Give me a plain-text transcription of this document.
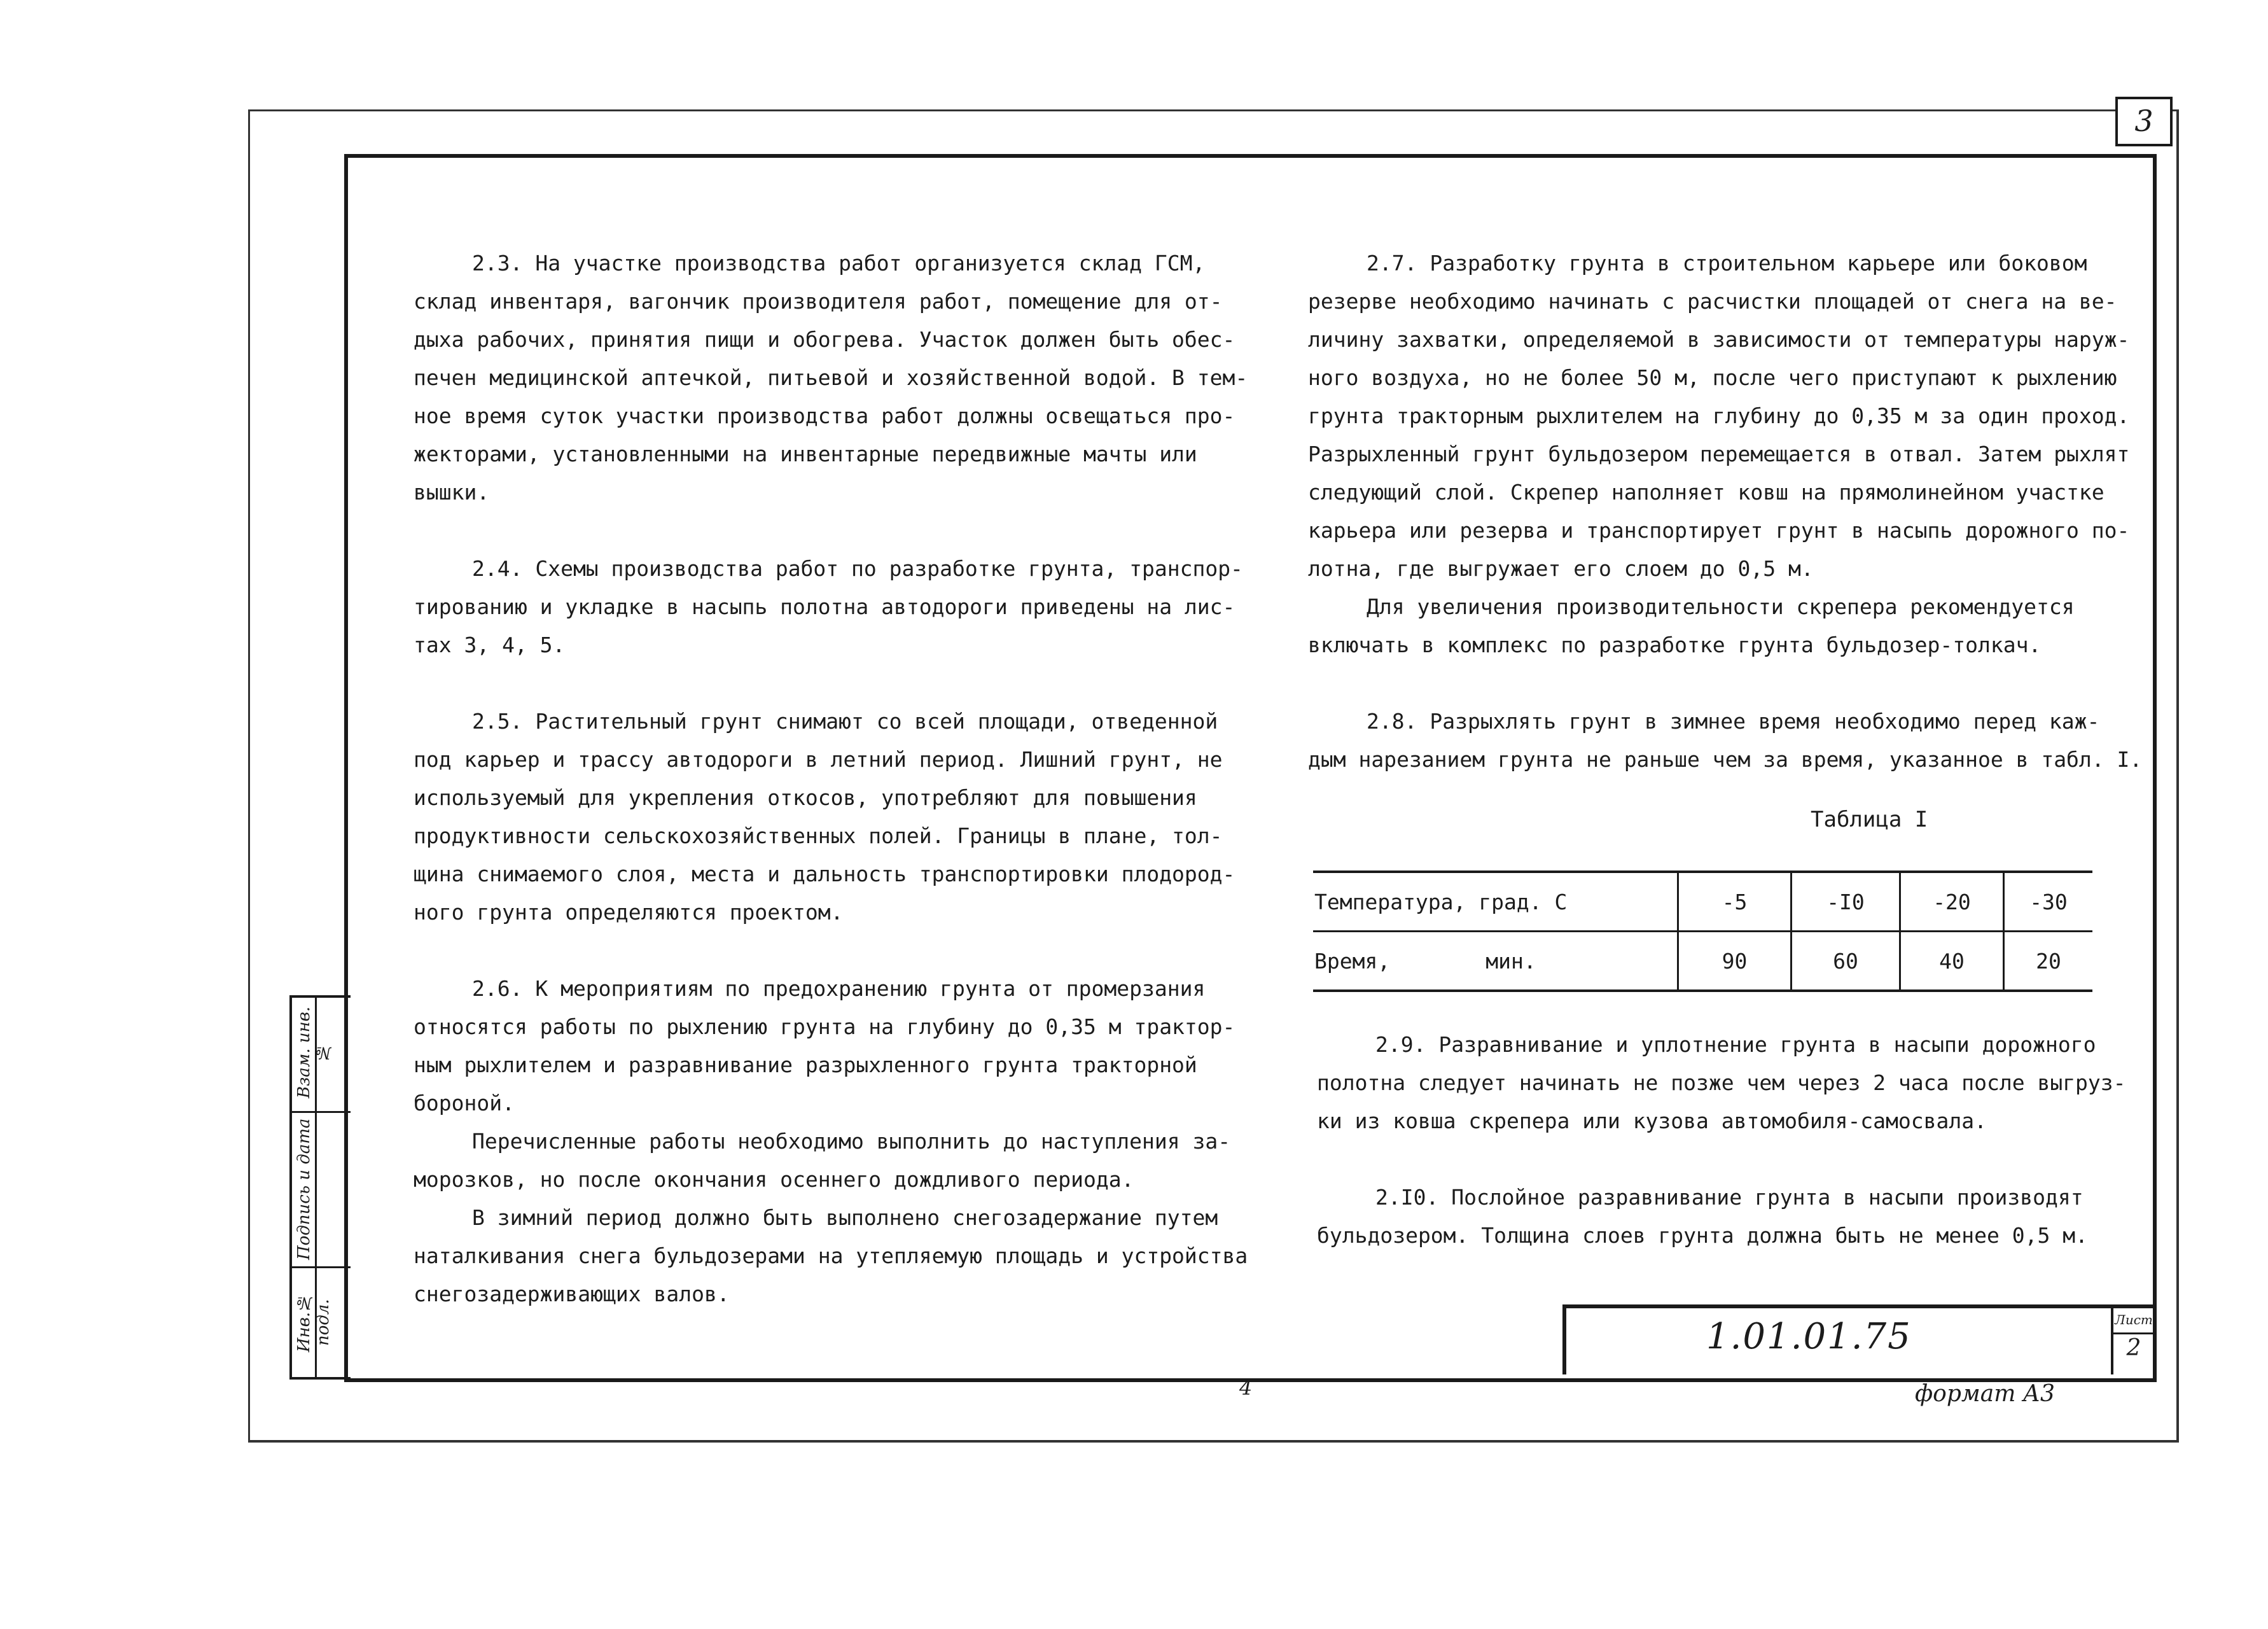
3
Взам. инв.№
Подпись и дата
Инв.№ подл.

2.3. На участке производства работ организуется склад ГСМ,

склад инвентаря, вагончик производителя работ, помещение для от-

дыха рабочих, принятия пищи и обогрева. Участок должен быть обес-

печен медицинской аптечкой, питьевой и хозяйственной водой. В тем-

ное время суток участки производства работ должны освещаться про-

жекторами, установленными на инвентарные передвижные мачты или

вышки.

2.4. Схемы производства работ по разработке грунта, транспор-

тированию и укладке в насыпь полотна автодороги приведены на лис-

тах 3, 4, 5.

2.5. Растительный грунт снимают со всей площади, отведенной

под карьер и трассу автодороги в летний период. Лишний грунт, не

используемый для укрепления откосов, употребляют для повышения

продуктивности сельскохозяйственных полей. Границы в плане, тол-

щина снимаемого слоя, места и дальность транспортировки плодород-

ного грунта определяются проектом.

2.6. К мероприятиям по предохранению грунта от промерзания

относятся работы по рыхлению грунта на глубину до 0,35 м трактор-

ным рыхлителем и разравнивание разрыхленного грунта тракторной

бороной.

Перечисленные работы необходимо выполнить до наступления за-

морозков, но после окончания осеннего дождливого периода.

В зимний период должно быть выполнено снегозадержание путем

наталкивания снега бульдозерами на утепляемую площадь и устройства

снегозадерживающих валов.

2.7. Разработку грунта в строительном карьере или боковом

резерве необходимо начинать с расчистки площадей от снега на ве-

личину захватки, определяемой в зависимости от температуры наруж-

ного воздуха, но не более 50 м, после чего приступают к рыхлению

грунта тракторным рыхлителем на глубину до 0,35 м за один проход.

Разрыхленный грунт бульдозером перемещается в отвал. Затем рыхлят

следующий слой. Скрепер наполняет ковш на прямолинейном участке

карьера или резерва и транспортирует грунт в насыпь дорожного по-

лотна, где выгружает его слоем до 0,5 м.

Для увеличения производительности скрепера рекомендуется

включать в комплекс по разработке грунта бульдозер-толкач.

2.8. Разрыхлять грунт в зимнее время необходимо перед каж-

дым нарезанием грунта не раньше чем за время, указанное в табл. I.

Таблица I
Температура, град. С	-5	-I0	-20	-30
Время, мин.	90	60	40	20

2.9. Разравнивание и уплотнение грунта в насыпи дорожного

полотна следует начинать не позже чем через 2 часа после выгруз-

ки из ковша скрепера или кузова автомобиля-самосвала.

2.I0. Послойное разравнивание грунта в насыпи производят

бульдозером. Толщина слоев грунта должна быть не менее 0,5 м.

1.01.01.75	Лист
2
4	формат А3
